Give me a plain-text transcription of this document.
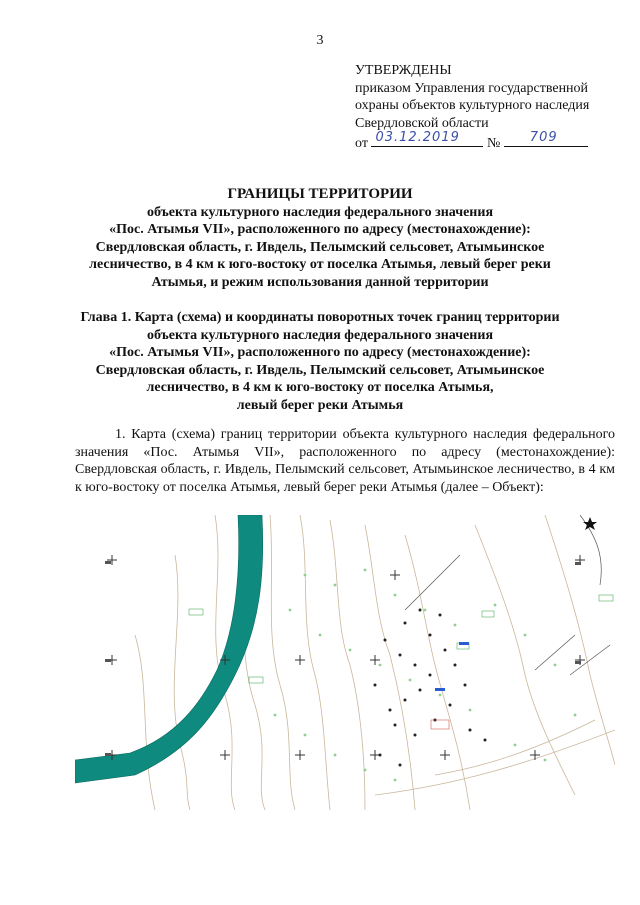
3
УТВЕРЖДЕНЫ
приказом Управления государственной
охраны объектов культурного наследия
Свердловской области
от 03.12.2019 № 709
ГРАНИЦЫ ТЕРРИТОРИИ
объекта культурного наследия федерального значения
«Пос. Атымья VII», расположенного по адресу (местонахождение):
Свердловская область, г. Ивдель, Пелымский сельсовет, Атымьинское
лесничество, в 4 км к юго-востоку от поселка Атымья, левый берег реки
Атымья, и режим использования данной территории
Глава 1. Карта (схема) и координаты поворотных точек границ территории
объекта культурного наследия федерального значения
«Пос. Атымья VII», расположенного по адресу (местонахождение):
Свердловская область, г. Ивдель, Пелымский сельсовет, Атымьинское
лесничество, в 4 км к юго-востоку от поселка Атымья,
левый берег реки Атымья
1. Карта (схема) границ территории объекта культурного наследия федерального значения «Пос. Атымья VII», расположенного по адресу (местонахождение): Свердловская область, г. Ивдель, Пелымский сельсовет, Атымьинское лесничество, в 4 км к юго-востоку от поселка Атымья, левый берег реки Атымья (далее – Объект):
